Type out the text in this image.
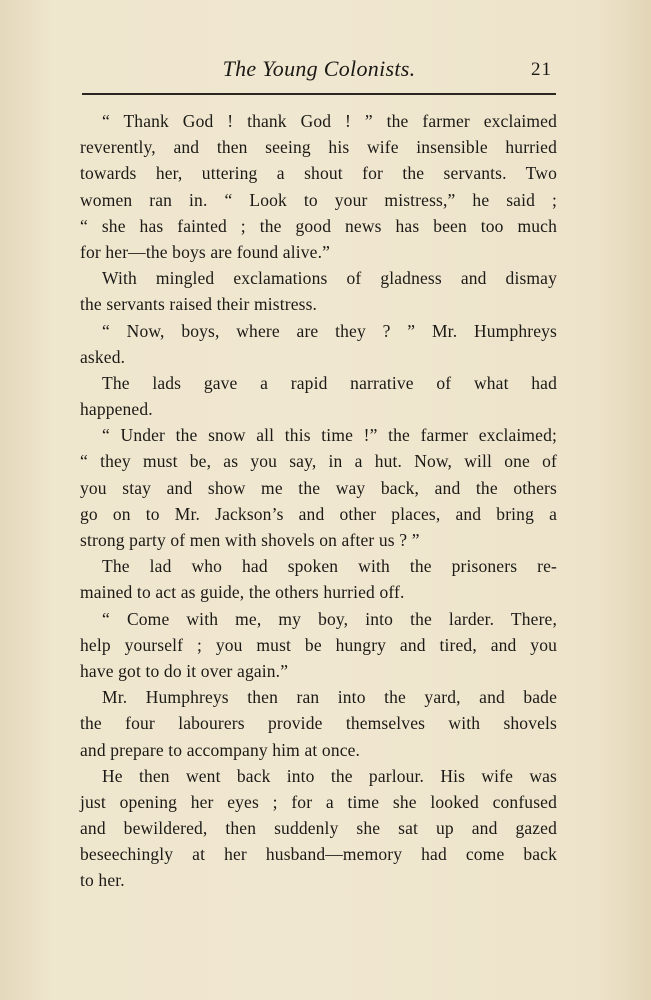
The Young Colonists.	21
“ Thank God ! thank God ! ” the farmer exclaimed
reverently, and then seeing his wife insensible hurried
towards her, uttering a shout for the servants. Two
women ran in. “ Look to your mistress,” he said ;
“ she has fainted ; the good news has been too much
for her—the boys are found alive.”
With mingled exclamations of gladness and dismay
the servants raised their mistress.
“ Now, boys, where are they ? ” Mr. Humphreys
asked.
The lads gave a rapid narrative of what had
happened.
“ Under the snow all this time !” the farmer exclaimed;
“ they must be, as you say, in a hut. Now, will one of
you stay and show me the way back, and the others
go on to Mr. Jackson’s and other places, and bring a
strong party of men with shovels on after us ? ”
The lad who had spoken with the prisoners re-
mained to act as guide, the others hurried off.
“ Come with me, my boy, into the larder. There,
help yourself ; you must be hungry and tired, and you
have got to do it over again.”
Mr. Humphreys then ran into the yard, and bade
the four labourers provide themselves with shovels
and prepare to accompany him at once.
He then went back into the parlour. His wife was
just opening her eyes ; for a time she looked confused
and bewildered, then suddenly she sat up and gazed
beseechingly at her husband—memory had come back
to her.
